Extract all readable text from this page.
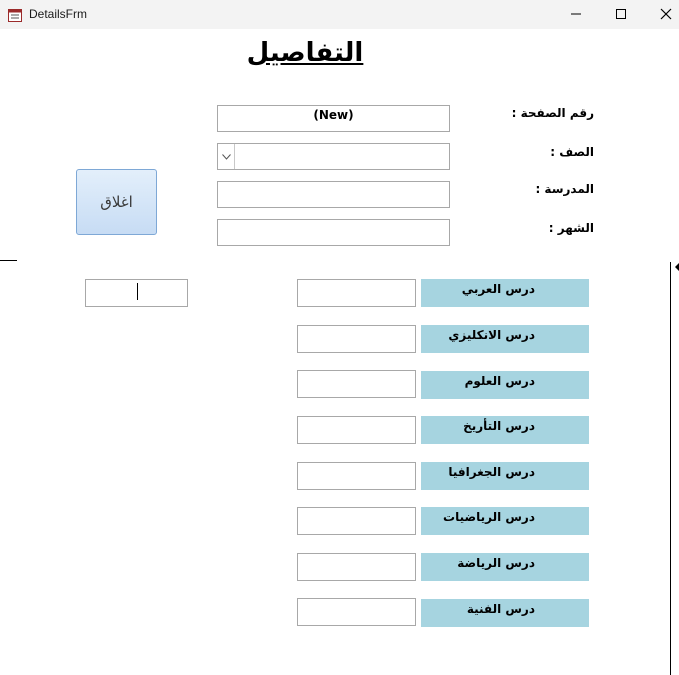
DetailsFrm
التفاصيل
رقم الصفحة :
(New)
الصف :
المدرسة :
الشهر :
اغلاق
درس العربي
درس الانكليزي
درس العلوم
درس التأريخ
درس الجغرافيا
درس الرياضيات
درس الرياضة
درس الفنية
